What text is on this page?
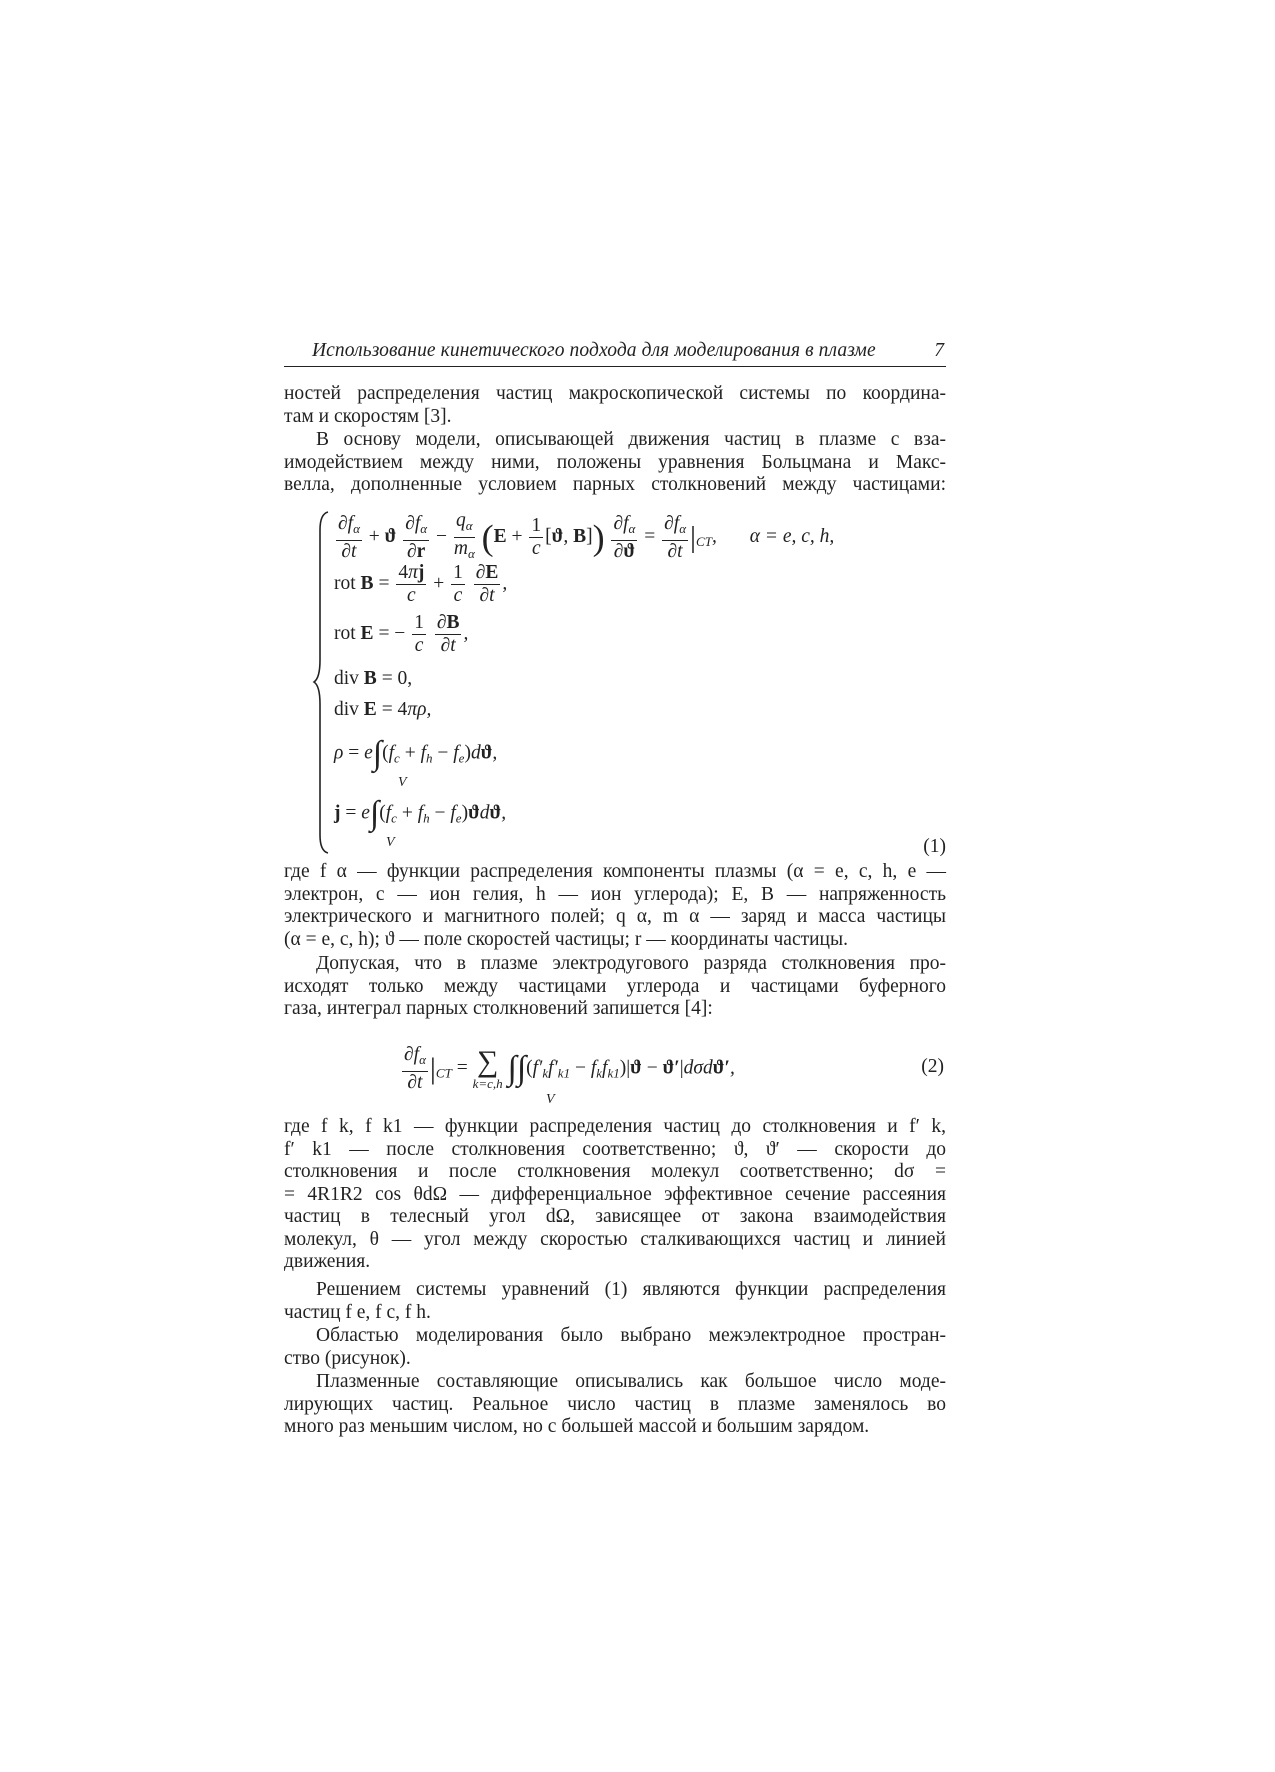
Использование кинетического подхода для моделирования в плазме	7

ностей распределения частиц макроскопической системы по координа-

там и скоростям [3].

В основу модели, описывающей движения частиц в плазме с вза-

имодействием между ними, положены уравнения Больцмана и Макс-

велла, дополненные условием парных столкновений между частицами:

$\frac{\partial f_\alpha}{\partial t} + ϑ \frac{\partial f_\alpha}{\partial r} - \frac{q_\alpha}{m_\alpha} (E + \frac{1}{c} [ϑ$, $B]) \frac{\partial f_\alpha}{\partial ϑ} = \frac{\partial f_\alpha}{\partial t} |_{CT}$, α = e, c, h,
rot $B = \frac{4\pi j}{c} + \frac{1}{c}$
$\frac{\partial E}{\partial t}$ ,
rot E = − $\frac{1}{c}$
$\frac{\partial B}{\partial t}$ ,
div B = 0,
div E = 4πρ,
$\rho = e\int(f_c + f_h - f_e)dϑ$,
V
$j = e\int(f_c + f_h - f_e)ϑdϑ$,
V	(1)

где f α — функции распределения компоненты плазмы (α = e, c, h, e —

электрон, c — ион гелия, h — ион углерода); E, B — напряженность

электрического и магнитного полей; q α, m α — заряд и масса частицы

(α = e, c, h); ϑ — поле скоростей частицы; r — координаты частицы.

Допуская, что в плазме электродугового разряда столкновения про-

исходят только между частицами углерода и частицами буферного

газа, интеграл парных столкновений запишется [4]:

$\frac{\partial f_\alpha}{\partial t} |_{CT}$ = ∑
k=c,h $\int\int(f'_kf'_{k1} - f_kf_{k1})|ϑ - ϑ'|d\sigma dϑ'$,
V
(2)

где f k, f k1 — функции распределения частиц до столкновения и f′ k,

f′ k1 — после столкновения соответственно; ϑ, ϑ′ — скорости до

столкновения и после столкновения молекул соответственно; dσ =

= 4R1R2 cos θdΩ — дифференциальное эффективное сечение рассеяния

частиц в телесный угол dΩ, зависящее от закона взаимодействия

молекул, θ — угол между скоростью сталкивающихся частиц и линией

движения.

Решением системы уравнений (1) являются функции распределения

частиц f e, f c, f h.

Областью моделирования было выбрано межэлектродное простран-

ство (рисунок).

Плазменные составляющие описывались как большое число моде-

лирующих частиц. Реальное число частиц в плазме заменялось во

много раз меньшим числом, но с большей массой и большим зарядом.
